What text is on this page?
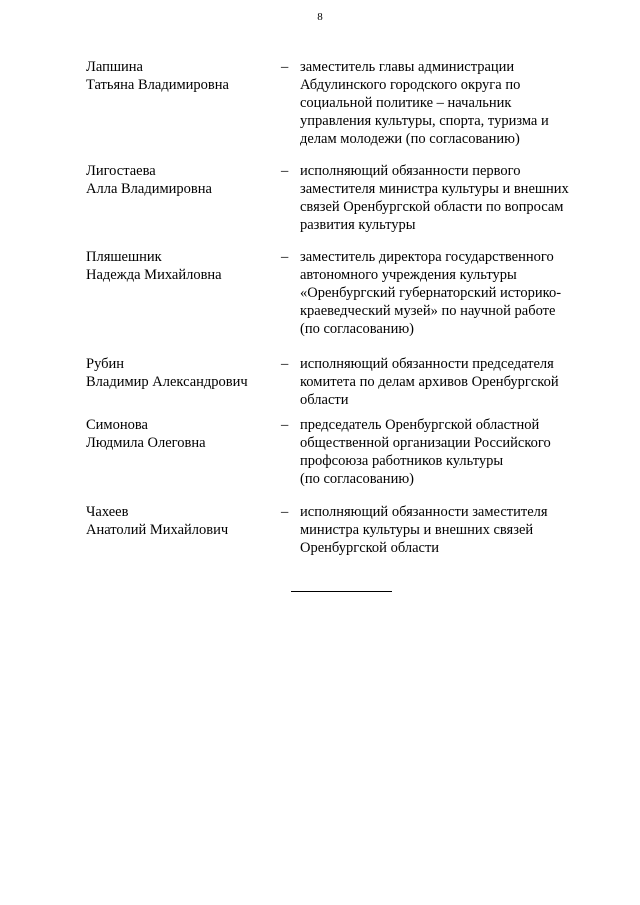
8
Лапшина
Татьяна Владимировна
– заместитель главы администрации
Абдулинского городского округа по
социальной политике – начальник
управления культуры, спорта, туризма и
делам молодежи (по согласованию)
Лигостаева
Алла Владимировна
– исполняющий обязанности первого
заместителя министра культуры и внешних
связей Оренбургской области по вопросам
развития культуры
Пляшешник
Надежда Михайловна
– заместитель директора государственного
автономного учреждения культуры
«Оренбургский губернаторский историко-
краеведческий музей» по научной работе
(по согласованию)
Рубин
Владимир Александрович
– исполняющий обязанности председателя
комитета по делам архивов Оренбургской
области
Симонова
Людмила Олеговна
– председатель Оренбургской областной
общественной организации Российского
профсоюза работников культуры
(по согласованию)
Чахеев
Анатолий Михайлович
– исполняющий обязанности заместителя
министра культуры и внешних связей
Оренбургской области
